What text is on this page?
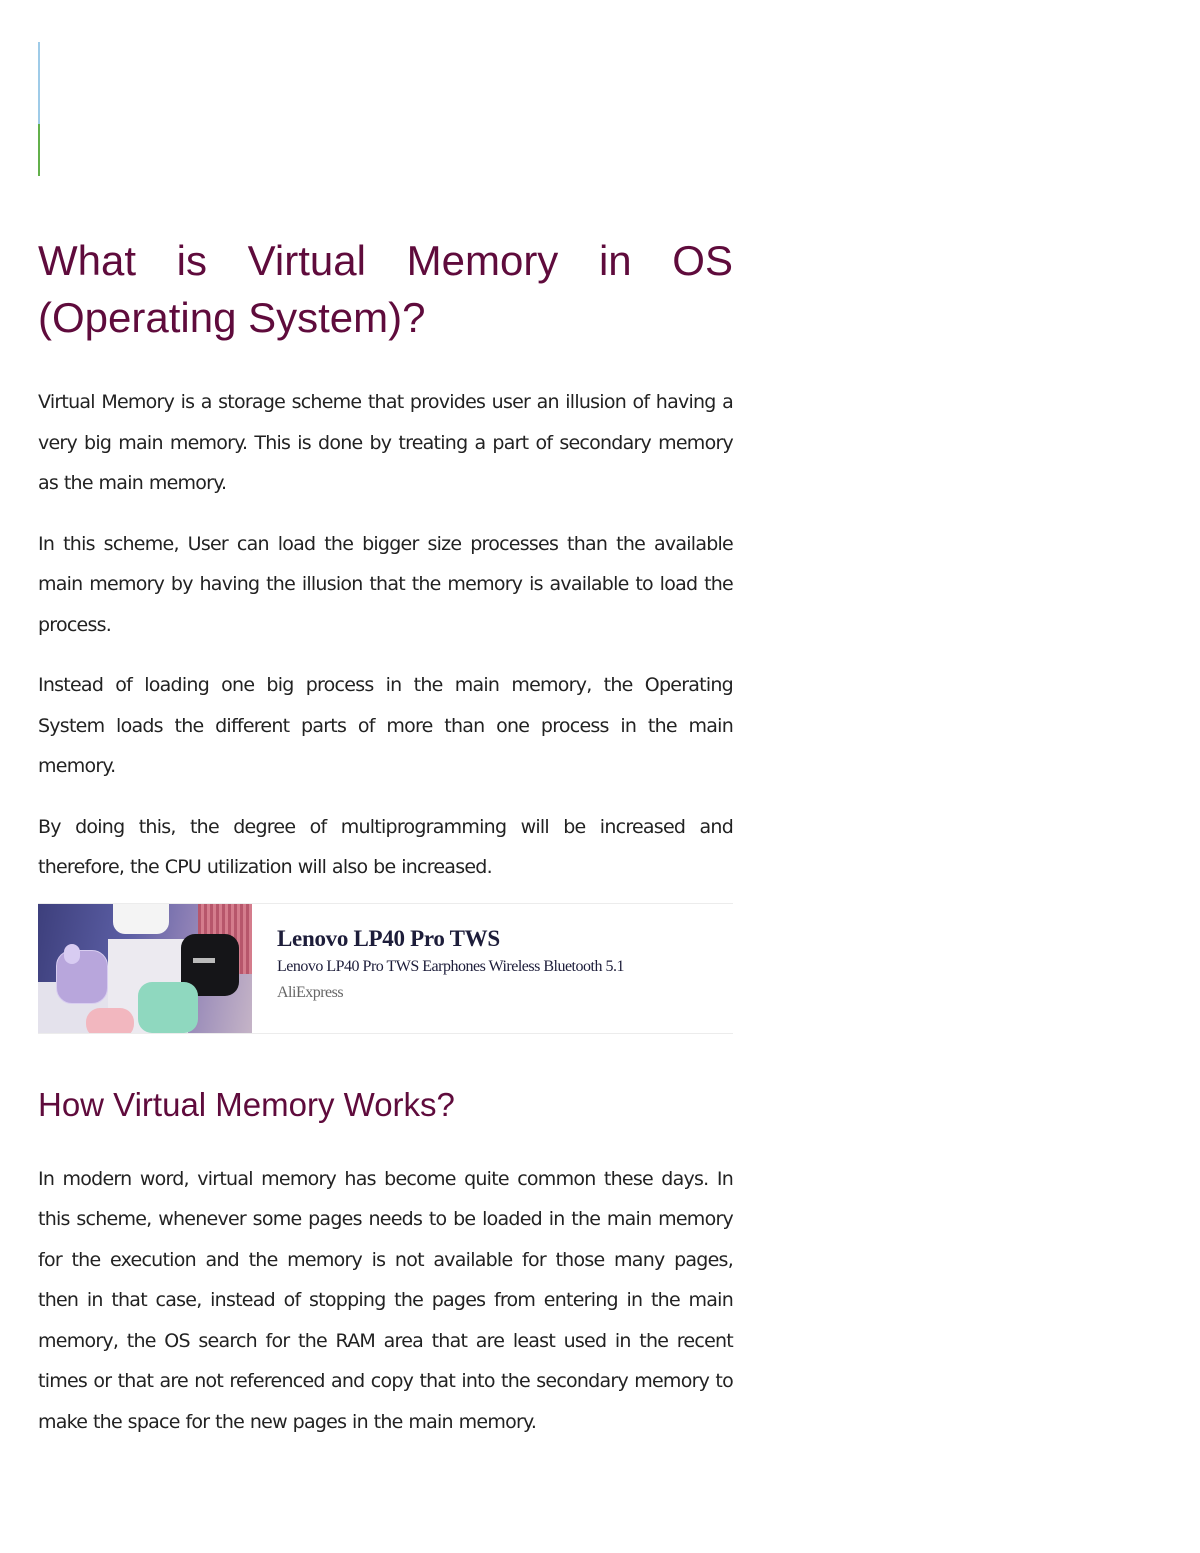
What is Virtual Memory in OS (Operating System)?

Virtual Memory is a storage scheme that provides user an illusion of having a very big main memory. This is done by treating a part of secondary memory as the main memory.

In this scheme, User can load the bigger size processes than the available main memory by having the illusion that the memory is available to load the process.

Instead of loading one big process in the main memory, the Operating System loads the different parts of more than one process in the main memory.

By doing this, the degree of multiprogramming will be increased and therefore, the CPU utilization will also be increased.

Lenovo LP40 Pro TWS
Lenovo LP40 Pro TWS Earphones Wireless Bluetooth 5.1
AliExpress
How Virtual Memory Works?

In modern word, virtual memory has become quite common these days. In this scheme, whenever some pages needs to be loaded in the main memory for the execution and the memory is not available for those many pages, then in that case, instead of stopping the pages from entering in the main memory, the OS search for the RAM area that are least used in the recent times or that are not referenced and copy that into the secondary memory to make the space for the new pages in the main memory.
